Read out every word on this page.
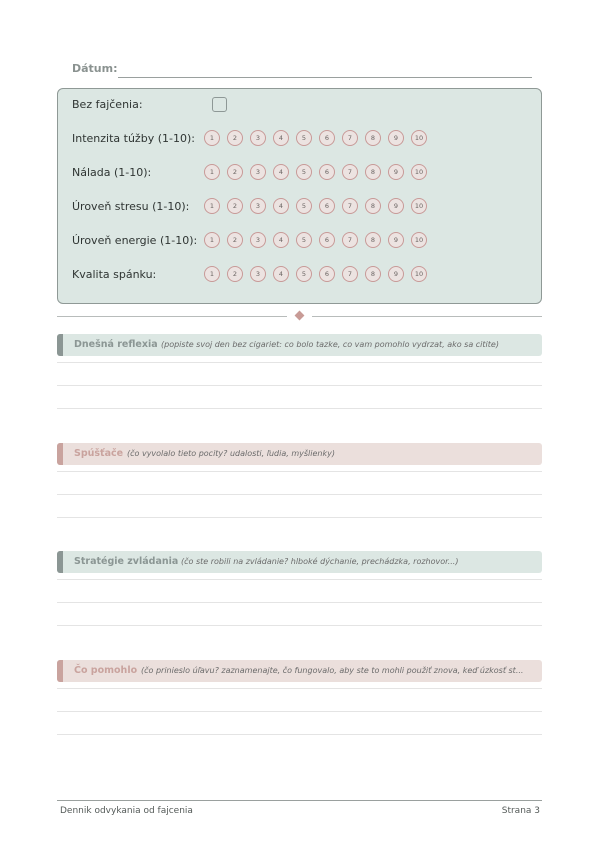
Dátum:
Bez fajčenia:
Intenzita túžby (1-10):	1	2	3	4	5	6	7	8	9	10
Nálada (1-10):	1	2	3	4	5	6	7	8	9	10
Úroveň stresu (1-10):	1	2	3	4	5	6	7	8	9	10
Úroveň energie (1-10):	1	2	3	4	5	6	7	8	9	10
Kvalita spánku:	1	2	3	4	5	6	7	8	9	10
Dnešná reflexia (popiste svoj den bez cigariet: co bolo tazke, co vam pomohlo vydrzat, ako sa citite)
Spúšťače (čo vyvolalo tieto pocity? udalosti, ľudia, myšlienky)
Stratégie zvládania (čo ste robili na zvládanie? hlboké dýchanie, prechádzka, rozhovor...)
Čo pomohlo (čo prinieslo úľavu? zaznamenajte, čo fungovalo, aby ste to mohli použiť znova, keď úzkosť st...
Dennik odvykania od fajcenia	Strana 3
